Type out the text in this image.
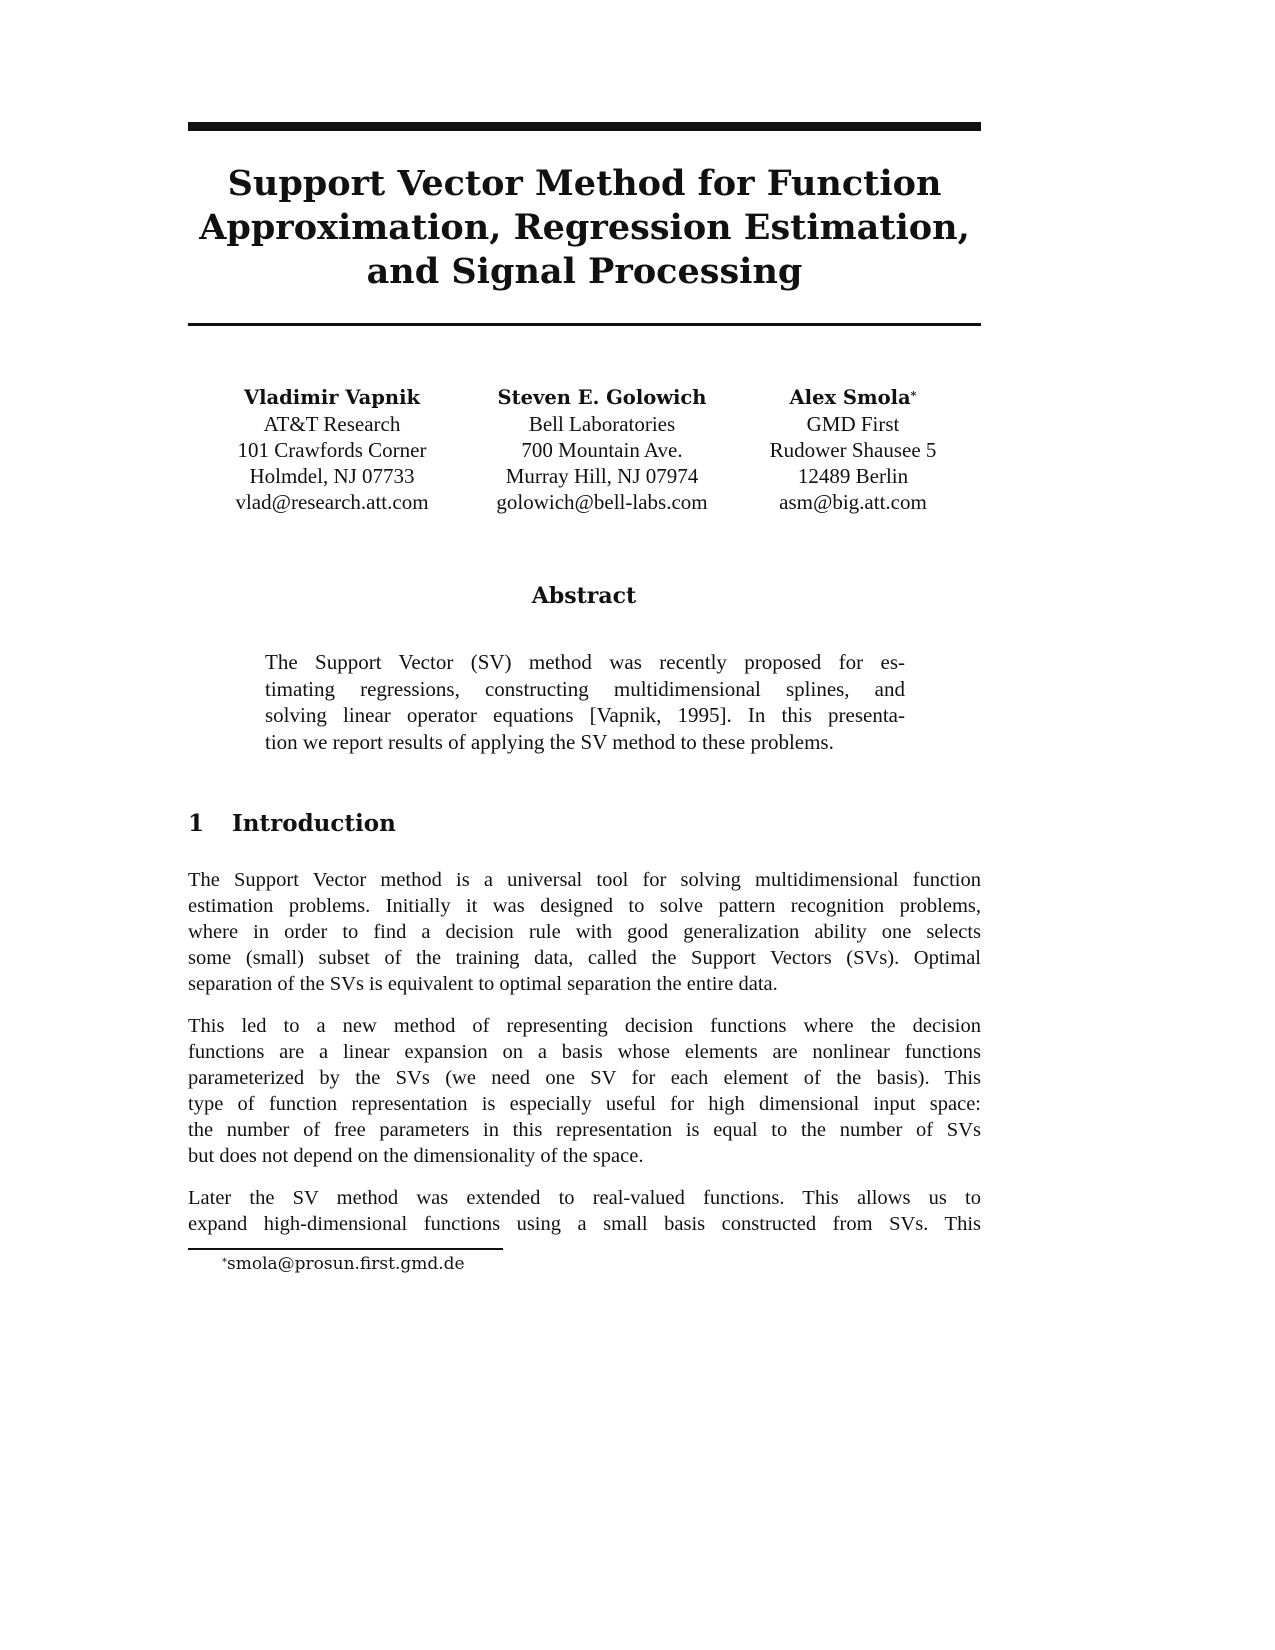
Support Vector Method for Function
Approximation, Regression Estimation,
and Signal Processing
Vladimir Vapnik
AT&T Research
101 Crawfords Corner
Holmdel, NJ 07733
vlad@research.att.com
Steven E. Golowich
Bell Laboratories
700 Mountain Ave.
Murray Hill, NJ 07974
golowich@bell-labs.com
Alex Smola*
GMD First
Rudower Shausee 5
12489 Berlin
asm@big.att.com
Abstract
The Support Vector (SV) method was recently proposed for es-
timating regressions, constructing multidimensional splines, and
solving linear operator equations [Vapnik, 1995]. In this presenta-
tion we report results of applying the SV method to these problems.
1 Introduction
The Support Vector method is a universal tool for solving multidimensional function
estimation problems. Initially it was designed to solve pattern recognition problems,
where in order to find a decision rule with good generalization ability one selects
some (small) subset of the training data, called the Support Vectors (SVs). Optimal
separation of the SVs is equivalent to optimal separation the entire data.
This led to a new method of representing decision functions where the decision
functions are a linear expansion on a basis whose elements are nonlinear functions
parameterized by the SVs (we need one SV for each element of the basis). This
type of function representation is especially useful for high dimensional input space:
the number of free parameters in this representation is equal to the number of SVs
but does not depend on the dimensionality of the space.
Later the SV method was extended to real-valued functions. This allows us to
expand high-dimensional functions using a small basis constructed from SVs. This
*smola@prosun.first.gmd.de
